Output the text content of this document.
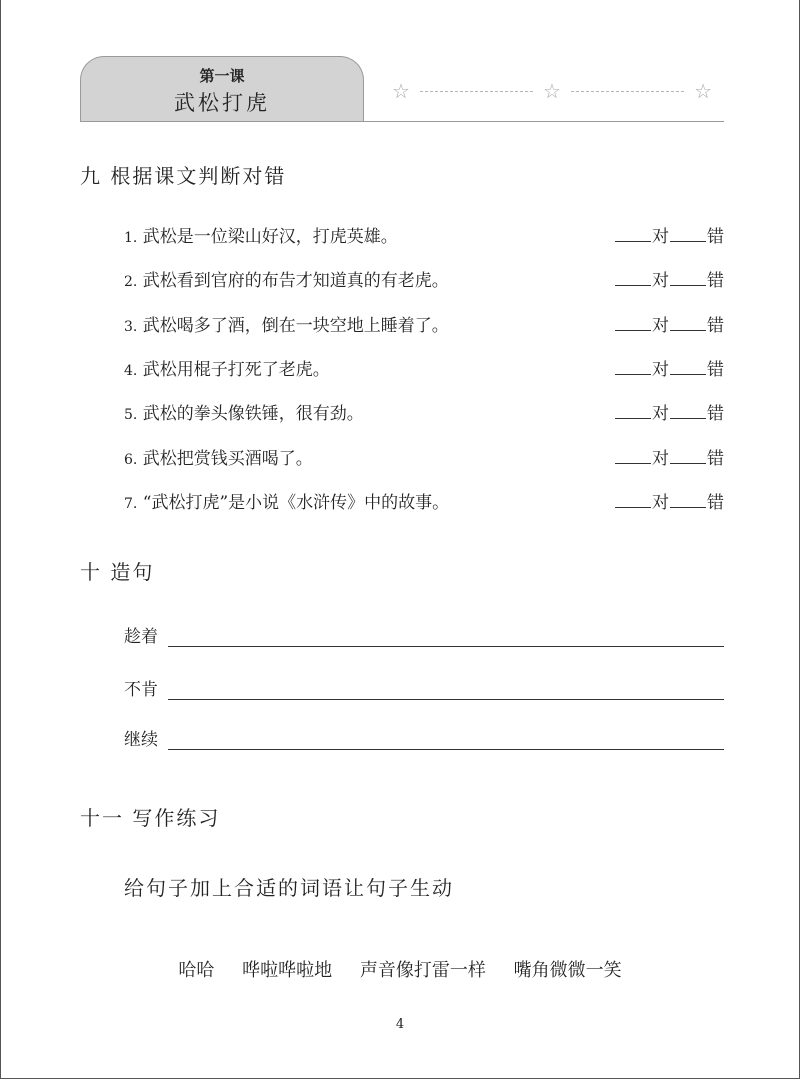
第一课
武松打虎	☆	☆	☆
九 根据课文判断对错
1. 武松是一位梁山好汉，打虎英雄。	对 错
2. 武松看到官府的布告才知道真的有老虎。	对 错
3. 武松喝多了酒，倒在一块空地上睡着了。	对 错
4. 武松用棍子打死了老虎。	对 错
5. 武松的拳头像铁锤，很有劲。	对 错
6. 武松把赏钱买酒喝了。	对 错
7. “武松打虎”是小说《水浒传》中的故事。	对 错
十 造句
趁着
不肯
继续
十一 写作练习
给句子加上合适的词语让句子生动
哈哈 哗啦哗啦地 声音像打雷一样 嘴角微微一笑
4
